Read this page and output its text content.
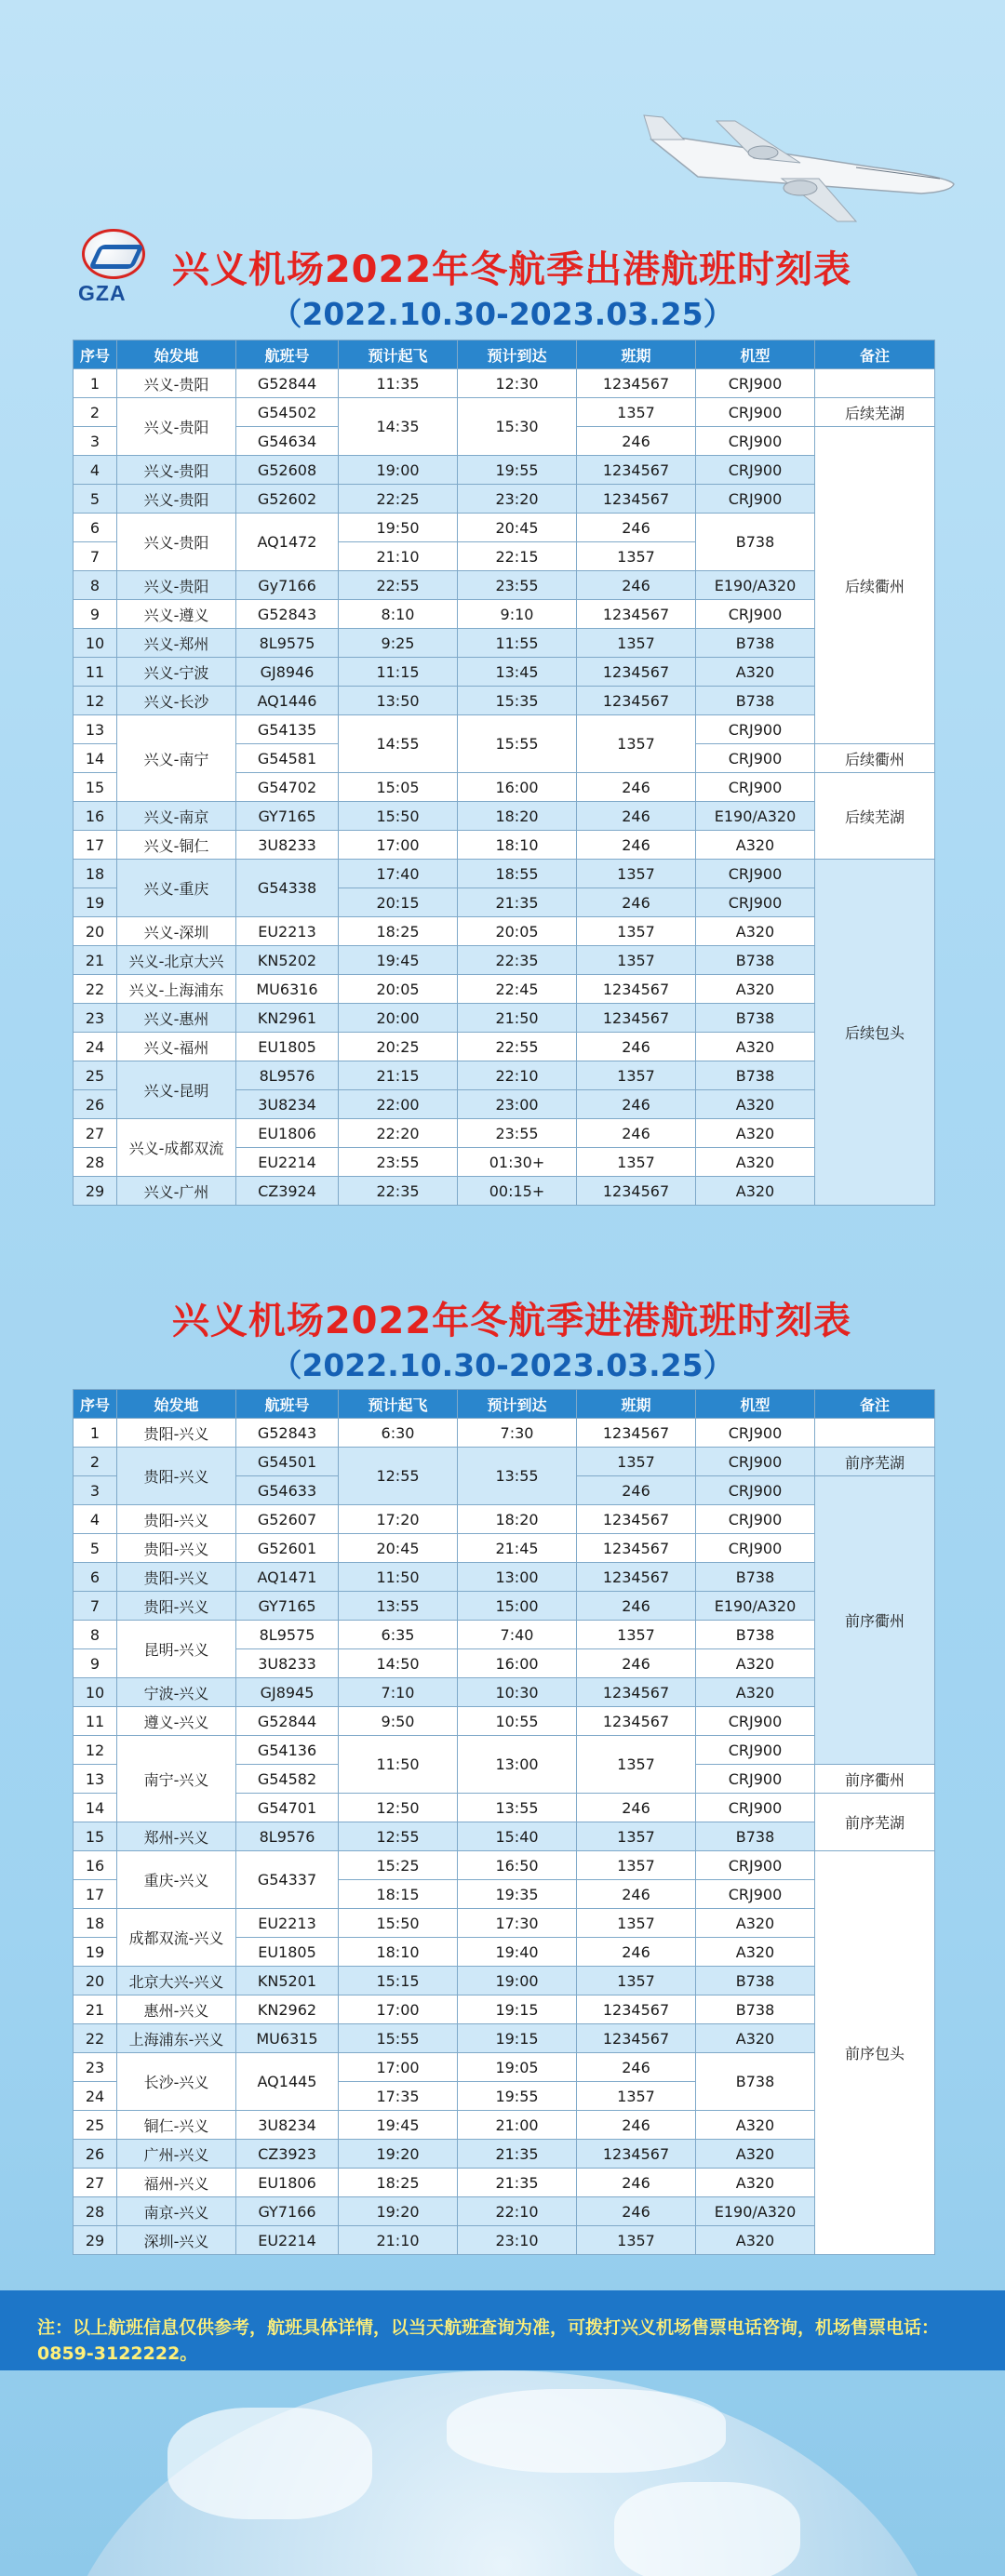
GZA
兴义机场2022年冬航季出港航班时刻表
（2022.10.30-2023.03.25）
序号	始发地	航班号	预计起飞	预计到达	班期	机型	备注
1	兴义-贵阳	G52844	11:35	12:30	1234567	CRJ900	
2	兴义-贵阳	G54502	14:35	15:30	1357	CRJ900	后续芜湖
3		G54634			246	CRJ900	后续衢州
4	兴义-贵阳	G52608	19:00	19:55	1234567	CRJ900	
5	兴义-贵阳	G52602	22:25	23:20	1234567	CRJ900	
6	兴义-贵阳	AQ1472	19:50	20:45	246	B738	
7			21:10	22:15	1357		
8	兴义-贵阳	Gy7166	22:55	23:55	246	E190/A320	
9	兴义-遵义	G52843	8:10	9:10	1234567	CRJ900	
10	兴义-郑州	8L9575	9:25	11:55	1357	B738	
11	兴义-宁波	GJ8946	11:15	13:45	1234567	A320	
12	兴义-长沙	AQ1446	13:50	15:35	1234567	B738	
13	兴义-南宁	G54135	14:55	15:55	1357	CRJ900	
14		G54581				CRJ900	后续衢州
15		G54702	15:05	16:00	246	CRJ900	后续芜湖
16	兴义-南京	GY7165	15:50	18:20	246	E190/A320	
17	兴义-铜仁	3U8233	17:00	18:10	246	A320	
18	兴义-重庆	G54338	17:40	18:55	1357	CRJ900	后续包头
19			20:15	21:35	246	CRJ900	
20	兴义-深圳	EU2213	18:25	20:05	1357	A320	
21	兴义-北京大兴	KN5202	19:45	22:35	1357	B738	
22	兴义-上海浦东	MU6316	20:05	22:45	1234567	A320	
23	兴义-惠州	KN2961	20:00	21:50	1234567	B738	
24	兴义-福州	EU1805	20:25	22:55	246	A320	
25	兴义-昆明	8L9576	21:15	22:10	1357	B738	
26		3U8234	22:00	23:00	246	A320	
27	兴义-成都双流	EU1806	22:20	23:55	246	A320	
28		EU2214	23:55	01:30+	1357	A320	
29	兴义-广州	CZ3924	22:35	00:15+	1234567	A320	
兴义机场2022年冬航季进港航班时刻表
（2022.10.30-2023.03.25）
序号	始发地	航班号	预计起飞	预计到达	班期	机型	备注
1	贵阳-兴义	G52843	6:30	7:30	1234567	CRJ900	
2	贵阳-兴义	G54501	12:55	13:55	1357	CRJ900	前序芜湖
3		G54633			246	CRJ900	前序衢州
4	贵阳-兴义	G52607	17:20	18:20	1234567	CRJ900	
5	贵阳-兴义	G52601	20:45	21:45	1234567	CRJ900	
6	贵阳-兴义	AQ1471	11:50	13:00	1234567	B738	
7	贵阳-兴义	GY7165	13:55	15:00	246	E190/A320	
8	昆明-兴义	8L9575	6:35	7:40	1357	B738	
9		3U8233	14:50	16:00	246	A320	
10	宁波-兴义	GJ8945	7:10	10:30	1234567	A320	
11	遵义-兴义	G52844	9:50	10:55	1234567	CRJ900	
12	南宁-兴义	G54136	11:50	13:00	1357	CRJ900	
13		G54582				CRJ900	前序衢州
14		G54701	12:50	13:55	246	CRJ900	前序芜湖
15	郑州-兴义	8L9576	12:55	15:40	1357	B738	
16	重庆-兴义	G54337	15:25	16:50	1357	CRJ900	前序包头
17			18:15	19:35	246	CRJ900	
18	成都双流-兴义	EU2213	15:50	17:30	1357	A320	
19		EU1805	18:10	19:40	246	A320	
20	北京大兴-兴义	KN5201	15:15	19:00	1357	B738	
21	惠州-兴义	KN2962	17:00	19:15	1234567	B738	
22	上海浦东-兴义	MU6315	15:55	19:15	1234567	A320	
23	长沙-兴义	AQ1445	17:00	19:05	246	B738	
24			17:35	19:55	1357		
25	铜仁-兴义	3U8234	19:45	21:00	246	A320	
26	广州-兴义	CZ3923	19:20	21:35	1234567	A320	
27	福州-兴义	EU1806	18:25	21:35	246	A320	
28	南京-兴义	GY7166	19:20	22:10	246	E190/A320	
29	深圳-兴义	EU2214	21:10	23:10	1357	A320	
注：以上航班信息仅供参考，航班具体详情，以当天航班查询为准，可拨打兴义机场售票电话咨询，机场售票电话：0859-3122222。
